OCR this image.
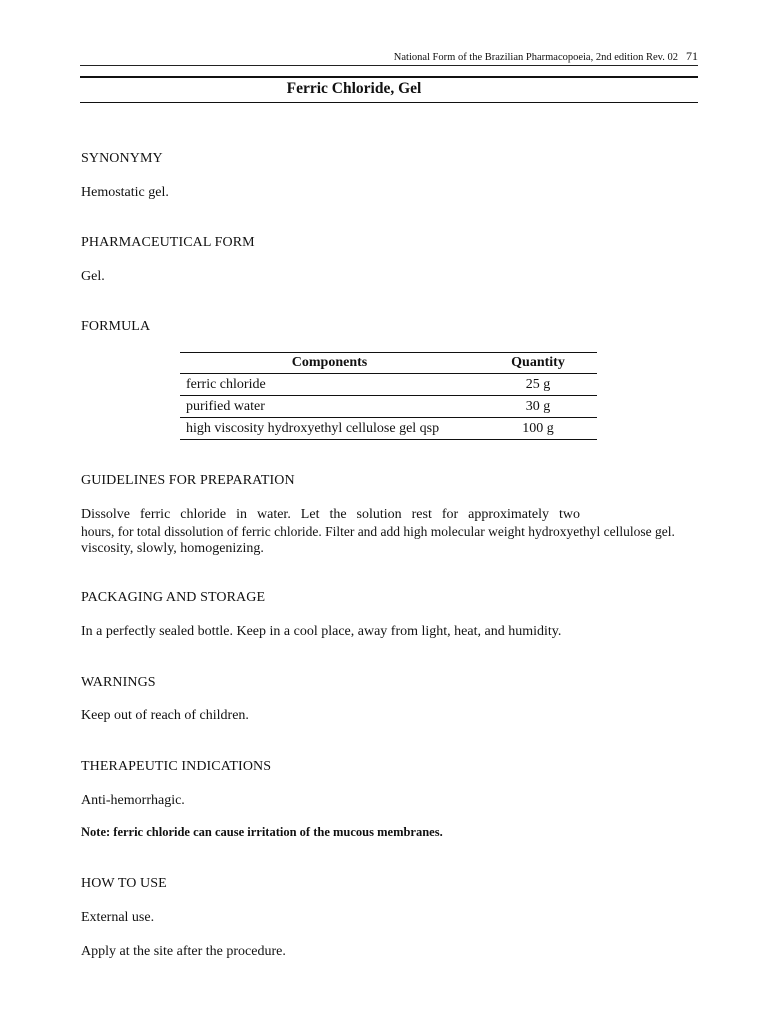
National Form of the Brazilian Pharmacopoeia, 2nd edition Rev. 02 71
Ferric Chloride, Gel
SYNONYMY
Hemostatic gel.
PHARMACEUTICAL FORM
Gel.
FORMULA
Components	Quantity
ferric chloride	25 g
purified water	30 g
high viscosity hydroxyethyl cellulose gel qsp	100 g
GUIDELINES FOR PREPARATION
Dissolve ferric chloride in water. Let the solution rest for approximately two
hours, for total dissolution of ferric chloride. Filter and add high molecular weight hydroxyethyl cellulose gel.
viscosity, slowly, homogenizing.
PACKAGING AND STORAGE
In a perfectly sealed bottle. Keep in a cool place, away from light, heat, and humidity.
WARNINGS
Keep out of reach of children.
THERAPEUTIC INDICATIONS
Anti-hemorrhagic.
Note: ferric chloride can cause irritation of the mucous membranes.
HOW TO USE
External use.
Apply at the site after the procedure.
